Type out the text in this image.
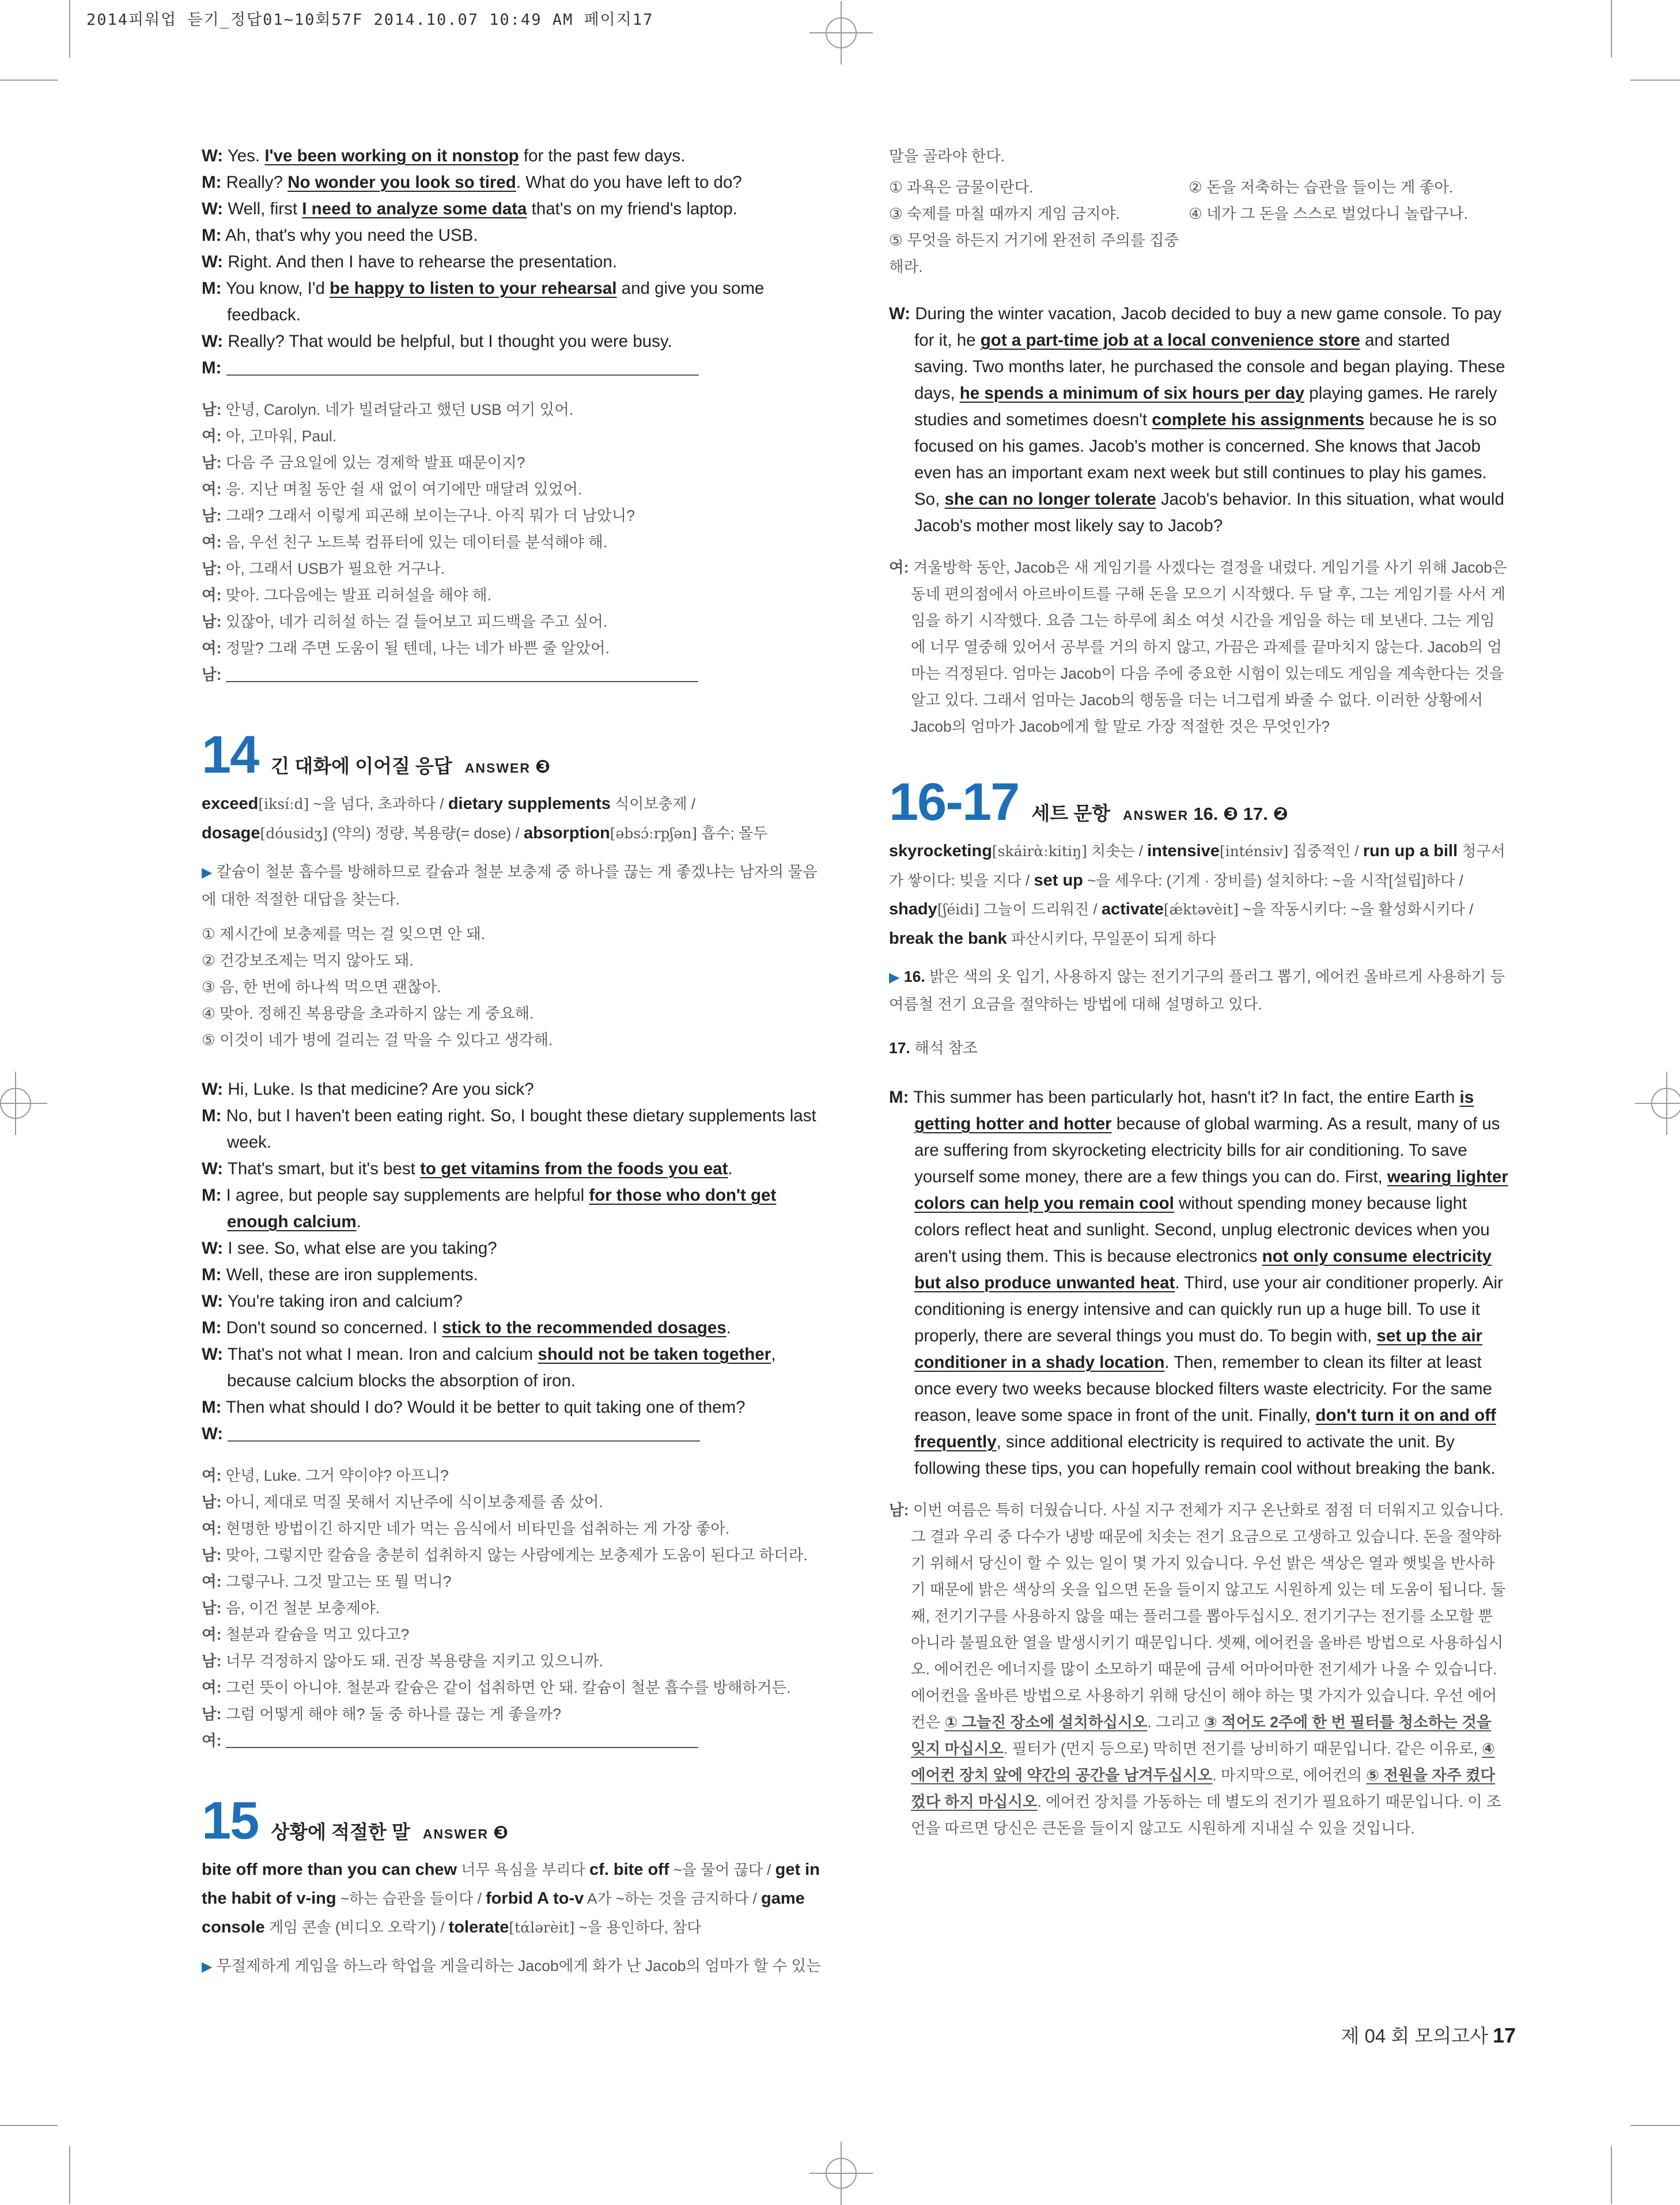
2014피워업 듣기_정답01~10회57F 2014.10.07 10:49 AM 페이지17
W: Yes. I've been working on it nonstop for the past few days.
M: Really? No wonder you look so tired. What do you have left to do?
W: Well, first I need to analyze some data that's on my friend's laptop.
M: Ah, that's why you need the USB.
W: Right. And then I have to rehearse the presentation.
M: You know, I'd be happy to listen to your rehearsal and give you some feedback.
W: Really? That would be helpful, but I thought you were busy.
M:
남: 안녕, Carolyn. 네가 빌려달라고 했던 USB 여기 있어.
여: 아, 고마워, Paul.
남: 다음 주 금요일에 있는 경제학 발표 때문이지?
여: 응. 지난 며칠 동안 쉴 새 없이 여기에만 매달려 있었어.
남: 그래? 그래서 이렇게 피곤해 보이는구나. 아직 뭐가 더 남았니?
여: 음, 우선 친구 노트북 컴퓨터에 있는 데이터를 분석해야 해.
남: 아, 그래서 USB가 필요한 거구나.
여: 맞아. 그다음에는 발표 리허설을 해야 해.
남: 있잖아, 네가 리허설 하는 걸 들어보고 피드백을 주고 싶어.
여: 정말? 그래 주면 도움이 될 텐데, 나는 네가 바쁜 줄 알았어.
남:
14 긴 대화에 이어질 응답 ANSWER ❸
exceed[iksíːd] ~을 넘다, 초과하다 / dietary supplements 식이보충제 / dosage[dóusidʒ] (약의) 정량, 복용량(= dose) / absorption[əbsɔ́ːrpʃən] 흡수; 몰두
▶ 칼슘이 철분 흡수를 방해하므로 칼슘과 철분 보충제 중 하나를 끊는 게 좋겠냐는 남자의 물음에 대한 적절한 대답을 찾는다.
① 제시간에 보충제를 먹는 걸 잊으면 안 돼.
② 건강보조제는 먹지 않아도 돼.
③ 음, 한 번에 하나씩 먹으면 괜찮아.
④ 맞아. 정해진 복용량을 초과하지 않는 게 중요해.
⑤ 이것이 네가 병에 걸리는 걸 막을 수 있다고 생각해.
W: Hi, Luke. Is that medicine? Are you sick?
M: No, but I haven't been eating right. So, I bought these dietary supplements last week.
W: That's smart, but it's best to get vitamins from the foods you eat.
M: I agree, but people say supplements are helpful for those who don't get enough calcium.
W: I see. So, what else are you taking?
M: Well, these are iron supplements.
W: You're taking iron and calcium?
M: Don't sound so concerned. I stick to the recommended dosages.
W: That's not what I mean. Iron and calcium should not be taken together, because calcium blocks the absorption of iron.
M: Then what should I do? Would it be better to quit taking one of them?
W:
여: 안녕, Luke. 그거 약이야? 아프니?
남: 아니, 제대로 먹질 못해서 지난주에 식이보충제를 좀 샀어.
여: 현명한 방법이긴 하지만 네가 먹는 음식에서 비타민을 섭취하는 게 가장 좋아.
남: 맞아, 그렇지만 칼슘을 충분히 섭취하지 않는 사람에게는 보충제가 도움이 된다고 하더라.
여: 그렇구나. 그것 말고는 또 뭘 먹니?
남: 음, 이건 철분 보충제야.
여: 철분과 칼슘을 먹고 있다고?
남: 너무 걱정하지 않아도 돼. 권장 복용량을 지키고 있으니까.
여: 그런 뜻이 아니야. 철분과 칼슘은 같이 섭취하면 안 돼. 칼슘이 철분 흡수를 방해하거든.
남: 그럼 어떻게 해야 해? 둘 중 하나를 끊는 게 좋을까?
여:
15 상황에 적절한 말 ANSWER ❸
bite off more than you can chew 너무 욕심을 부리다 cf. bite off ~을 물어 끊다 / get in the habit of v-ing ~하는 습관을 들이다 / forbid A to-v A가 ~하는 것을 금지하다 / game console 게임 콘솔 (비디오 오락기) / tolerate[tάlərèit] ~을 용인하다, 참다
▶ 무절제하게 게임을 하느라 학업을 게을리하는 Jacob에게 화가 난 Jacob의 엄마가 할 수 있는
말을 골라야 한다.
① 과욕은 금물이란다.	② 돈을 저축하는 습관을 들이는 게 좋아.
③ 숙제를 마칠 때까지 게임 금지야.	④ 네가 그 돈을 스스로 벌었다니 놀랍구나.
⑤ 무엇을 하든지 거기에 완전히 주의를 집중해라.
W: During the winter vacation, Jacob decided to buy a new game console. To pay for it, he got a part-time job at a local convenience store and started saving. Two months later, he purchased the console and began playing. These days, he spends a minimum of six hours per day playing games. He rarely studies and sometimes doesn't complete his assignments because he is so focused on his games. Jacob's mother is concerned. She knows that Jacob even has an important exam next week but still continues to play his games. So, she can no longer tolerate Jacob's behavior. In this situation, what would Jacob's mother most likely say to Jacob?
여: 겨울방학 동안, Jacob은 새 게임기를 사겠다는 결정을 내렸다. 게임기를 사기 위해 Jacob은 동네 편의점에서 아르바이트를 구해 돈을 모으기 시작했다. 두 달 후, 그는 게임기를 사서 게임을 하기 시작했다. 요즘 그는 하루에 최소 여섯 시간을 게임을 하는 데 보낸다. 그는 게임에 너무 열중해 있어서 공부를 거의 하지 않고, 가끔은 과제를 끝마치지 않는다. Jacob의 엄마는 걱정된다. 엄마는 Jacob이 다음 주에 중요한 시험이 있는데도 게임을 계속한다는 것을 알고 있다. 그래서 엄마는 Jacob의 행동을 더는 너그럽게 봐줄 수 없다. 이러한 상황에서 Jacob의 엄마가 Jacob에게 할 말로 가장 적절한 것은 무엇인가?
16-17 세트 문항 ANSWER 16. ❸ 17. ❷
skyrocketing[skáirὰːkitiŋ] 치솟는 / intensive[inténsiv] 집중적인 / run up a bill 청구서가 쌓이다: 빚을 지다 / set up ~을 세우다: (기계 · 장비를) 설치하다: ~을 시작[설립]하다 / shady[ʃéidi] 그늘이 드리워진 / activate[ǽktəvèit] ~을 작동시키다: ~을 활성화시키다 / break the bank 파산시키다, 무일푼이 되게 하다
▶ 16. 밝은 색의 옷 입기, 사용하지 않는 전기기구의 플러그 뽑기, 에어컨 올바르게 사용하기 등 여름철 전기 요금을 절약하는 방법에 대해 설명하고 있다.
17. 해석 참조
M: This summer has been particularly hot, hasn't it? In fact, the entire Earth is getting hotter and hotter because of global warming. As a result, many of us are suffering from skyrocketing electricity bills for air conditioning. To save yourself some money, there are a few things you can do. First, wearing lighter colors can help you remain cool without spending money because light colors reflect heat and sunlight. Second, unplug electronic devices when you aren't using them. This is because electronics not only consume electricity but also produce unwanted heat. Third, use your air conditioner properly. Air conditioning is energy intensive and can quickly run up a huge bill. To use it properly, there are several things you must do. To begin with, set up the air conditioner in a shady location. Then, remember to clean its filter at least once every two weeks because blocked filters waste electricity. For the same reason, leave some space in front of the unit. Finally, don't turn it on and off frequently, since additional electricity is required to activate the unit. By following these tips, you can hopefully remain cool without breaking the bank.
남: 이번 여름은 특히 더웠습니다. 사실 지구 전체가 지구 온난화로 점점 더 더워지고 있습니다. 그 결과 우리 중 다수가 냉방 때문에 치솟는 전기 요금으로 고생하고 있습니다. 돈을 절약하기 위해서 당신이 할 수 있는 일이 몇 가지 있습니다. 우선 밝은 색상은 열과 햇빛을 반사하기 때문에 밝은 색상의 옷을 입으면 돈을 들이지 않고도 시원하게 있는 데 도움이 됩니다. 둘째, 전기기구를 사용하지 않을 때는 플러그를 뽑아두십시오. 전기기구는 전기를 소모할 뿐 아니라 불필요한 열을 발생시키기 때문입니다. 셋째, 에어컨을 올바른 방법으로 사용하십시오. 에어컨은 에너지를 많이 소모하기 때문에 금세 어마어마한 전기세가 나올 수 있습니다. 에어컨을 올바른 방법으로 사용하기 위해 당신이 해야 하는 몇 가지가 있습니다. 우선 에어컨은 ① 그늘진 장소에 설치하십시오. 그리고 ③ 적어도 2주에 한 번 필터를 청소하는 것을 잊지 마십시오. 필터가 (먼지 등으로) 막히면 전기를 낭비하기 때문입니다. 같은 이유로, ④ 에어컨 장치 앞에 약간의 공간을 남겨두십시오. 마지막으로, 에어컨의 ⑤ 전원을 자주 켰다 껐다 하지 마십시오. 에어컨 장치를 가동하는 데 별도의 전기가 필요하기 때문입니다. 이 조언을 따르면 당신은 큰돈을 들이지 않고도 시원하게 지내실 수 있을 것입니다.
제 04 회 모의고사 17
